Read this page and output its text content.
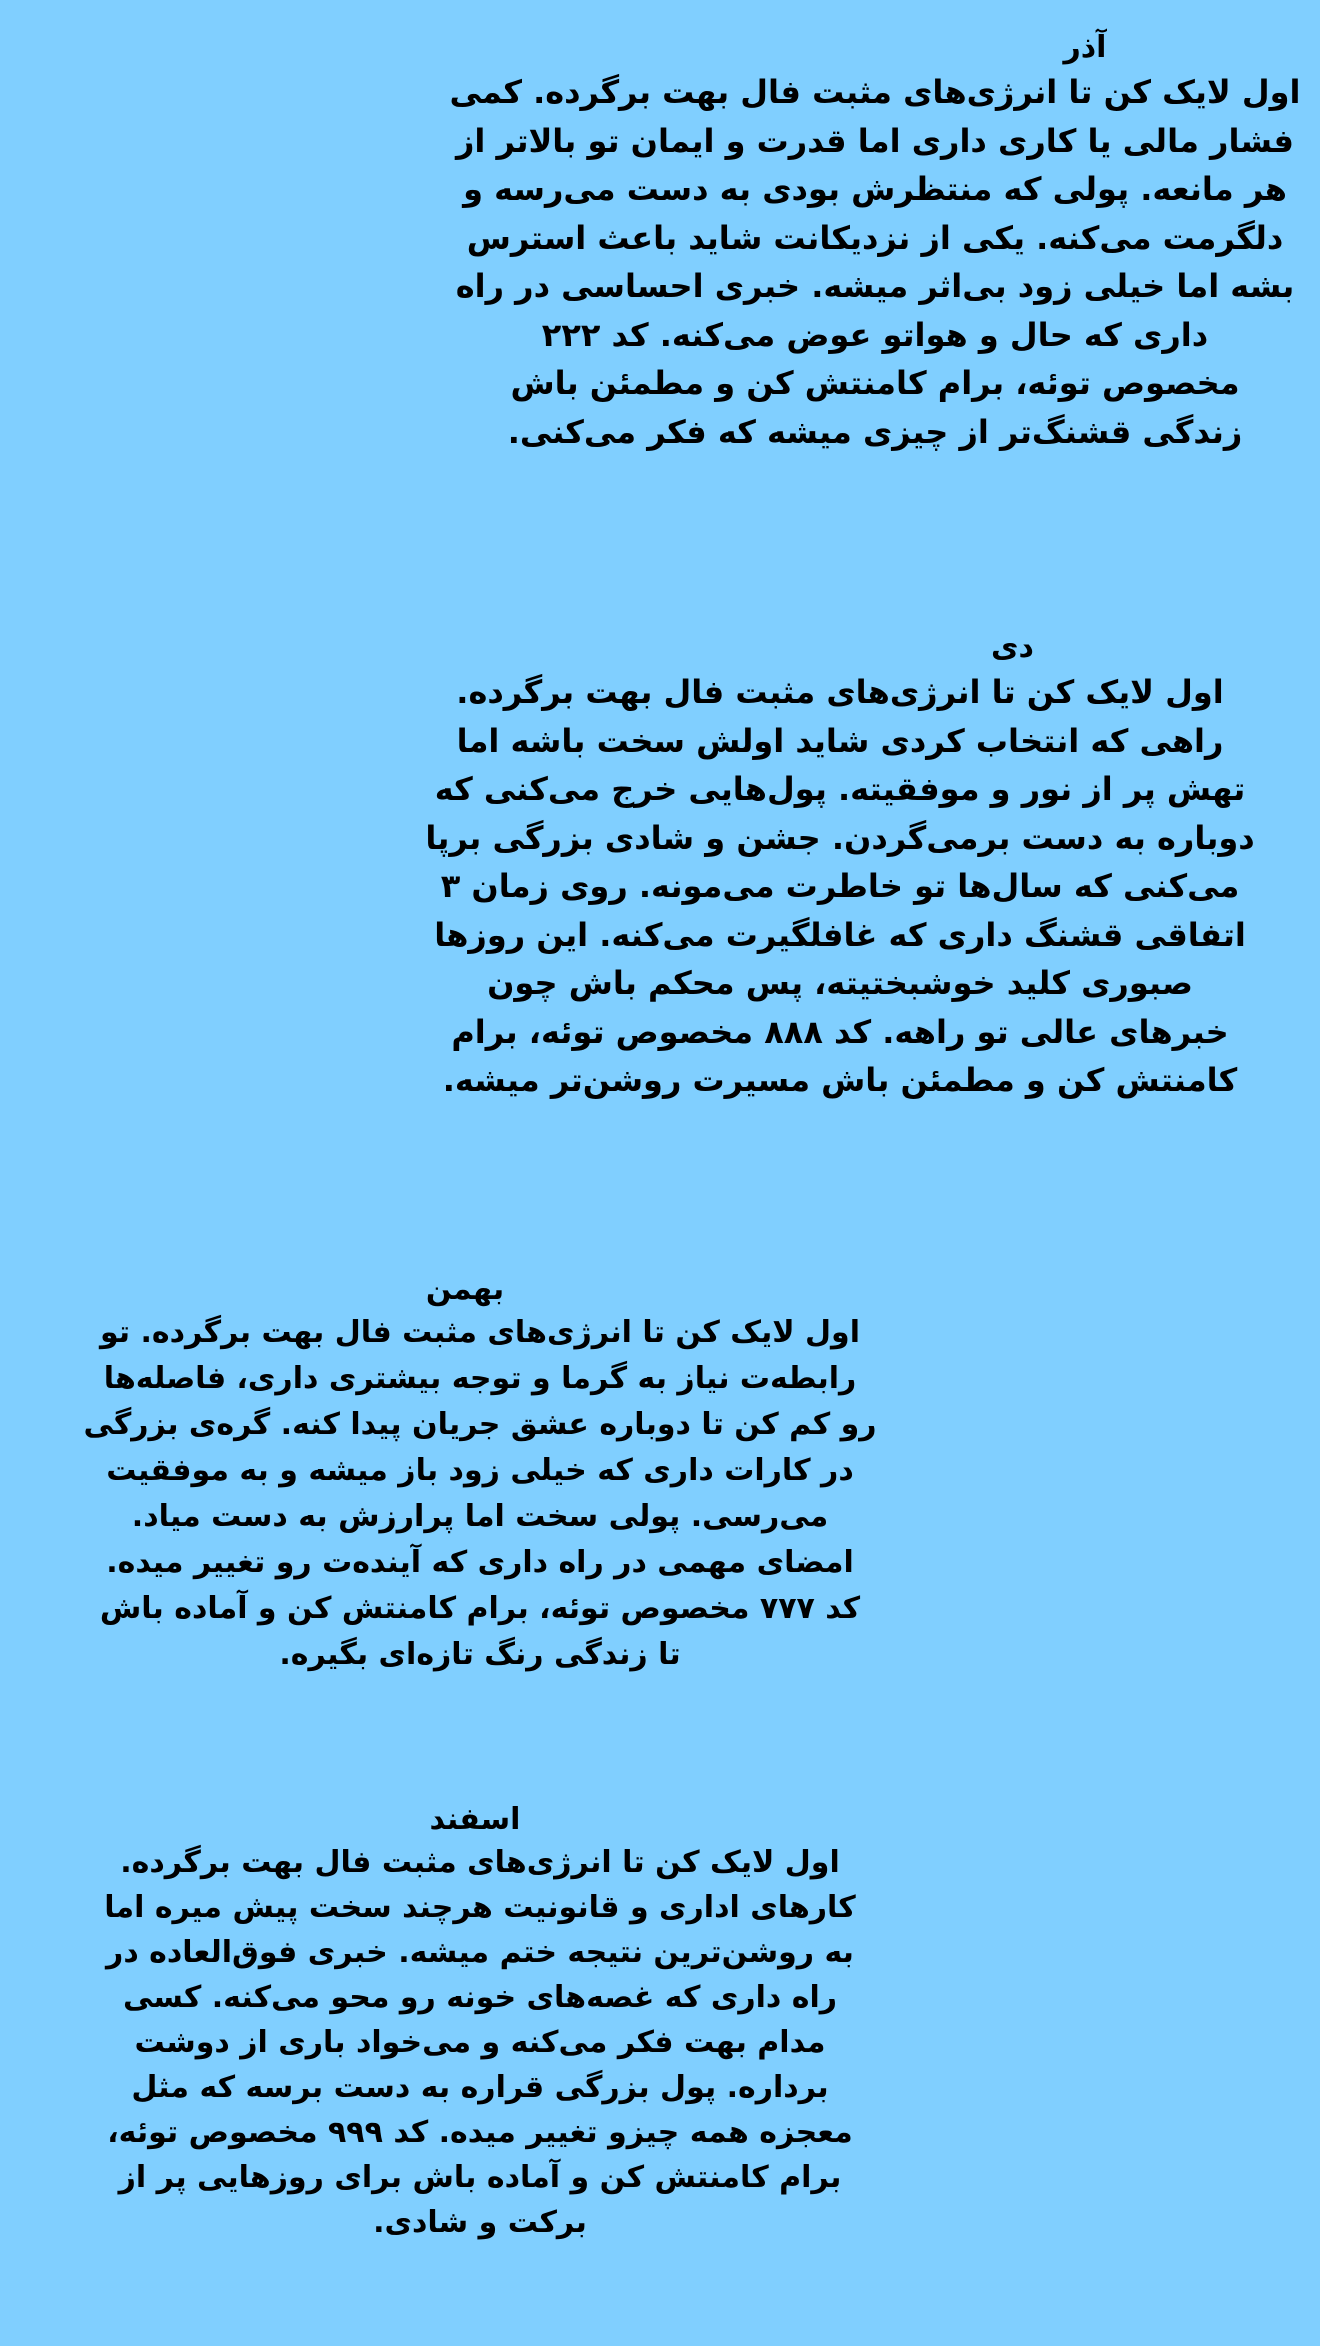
آذر
اول لایک کن تا انرژی‌های مثبت فال بهت برگرده. کمی
فشار مالی یا کاری داری اما قدرت و ایمان تو بالاتر از
هر مانعه. پولی که منتظرش بودی به دست می‌رسه و
دلگرمت می‌کنه. یکی از نزدیکانت شاید باعث استرس
بشه اما خیلی زود بی‌اثر میشه. خبری احساسی در راه
داری که حال و هواتو عوض می‌کنه. کد ۲۲۲
مخصوص توئه، برام کامنتش کن و مطمئن باش
زندگی قشنگ‌تر از چیزی میشه که فکر می‌کنی.
دی
اول لایک کن تا انرژی‌های مثبت فال بهت برگرده.
راهی که انتخاب کردی شاید اولش سخت باشه اما
تهش پر از نور و موفقیته. پول‌هایی خرج می‌کنی که
دوباره به دست برمی‌گردن. جشن و شادی بزرگی برپا
می‌کنی که سال‌ها تو خاطرت می‌مونه. روی زمان ۳
اتفاقی قشنگ داری که غافلگیرت می‌کنه. این روزها
صبوری کلید خوشبختیته، پس محکم باش چون
خبرهای عالی تو راهه. کد ۸۸۸ مخصوص توئه، برام
کامنتش کن و مطمئن باش مسیرت روشن‌تر میشه.
بهمن
اول لایک کن تا انرژی‌های مثبت فال بهت برگرده. تو
رابطه‌ت نیاز به گرما و توجه بیشتری داری، فاصله‌ها
رو کم کن تا دوباره عشق جریان پیدا کنه. گره‌ی بزرگی
در کارات داری که خیلی زود باز میشه و به موفقیت
می‌رسی. پولی سخت اما پرارزش به دست میاد.
امضای مهمی در راه داری که آینده‌ت رو تغییر میده.
کد ۷۷۷ مخصوص توئه، برام کامنتش کن و آماده باش
تا زندگی رنگ تازه‌ای بگیره.
اسفند
اول لایک کن تا انرژی‌های مثبت فال بهت برگرده.
کارهای اداری و قانونیت هرچند سخت پیش میره اما
به روشن‌ترین نتیجه ختم میشه. خبری فوق‌العاده در
راه داری که غصه‌های خونه رو محو می‌کنه. کسی
مدام بهت فکر می‌کنه و می‌خواد باری از دوشت
برداره. پول بزرگی قراره به دست برسه که مثل
معجزه همه چیزو تغییر میده. کد ۹۹۹ مخصوص توئه،
برام کامنتش کن و آماده باش برای روزهایی پر از
برکت و شادی.
